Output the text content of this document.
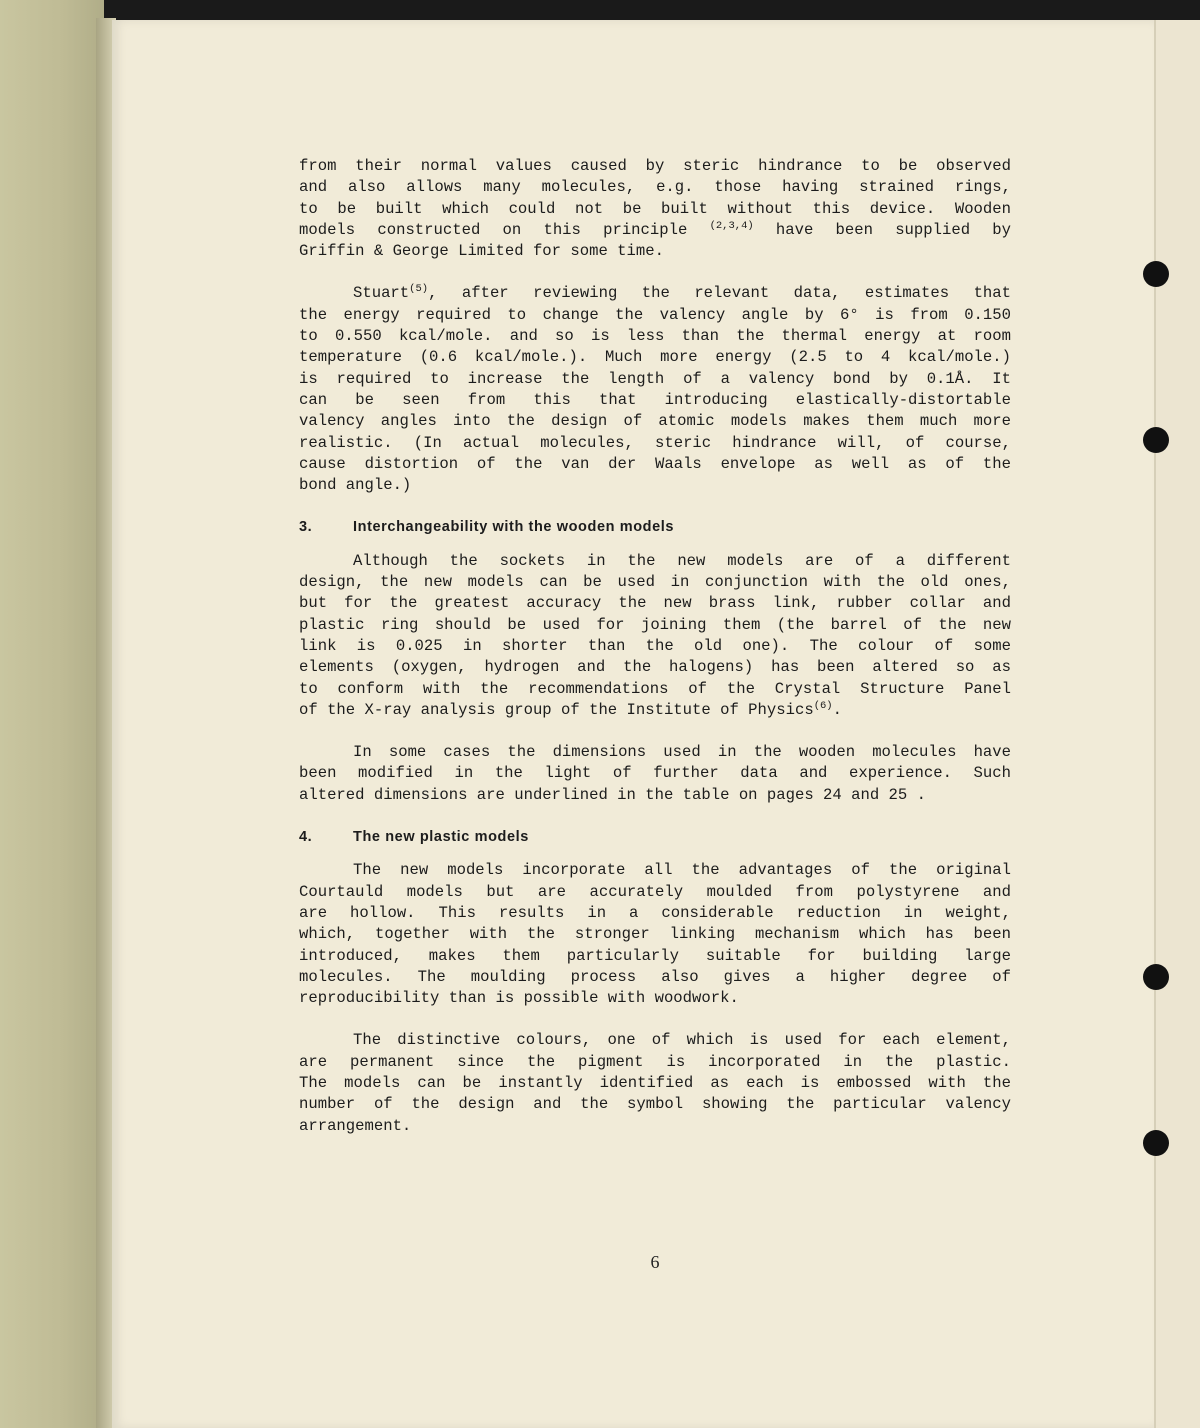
from their normal values caused by steric hindrance to be observed
and also allows many molecules, e.g. those having strained rings,
to be built which could not be built without this device. Wooden
models constructed on this principle $^{(2,3,4)}$ have been supplied by
Griffin & George Limited for some time.
Stuart$^{(5)}$, after reviewing the relevant data, estimates that
the energy required to change the valency angle by 6° is from 0.150
to 0.550 kcal/mole. and so is less than the thermal energy at room
temperature (0.6 kcal/mole.). Much more energy (2.5 to 4 kcal/mole.)
is required to increase the length of a valency bond by 0.1Å. It
can be seen from this that introducing elastically-distortable
valency angles into the design of atomic models makes them much more
realistic. (In actual molecules, steric hindrance will, of course,
cause distortion of the van der Waals envelope as well as of the
bond angle.)
3.	Interchangeability with the wooden models
Although the sockets in the new models are of a different
design, the new models can be used in conjunction with the old ones,
but for the greatest accuracy the new brass link, rubber collar and
plastic ring should be used for joining them (the barrel of the new
link is 0.025 in shorter than the old one). The colour of some
elements (oxygen, hydrogen and the halogens) has been altered so as
to conform with the recommendations of the Crystal Structure Panel
of the X-ray analysis group of the Institute of Physics$^{(6)}$.
In some cases the dimensions used in the wooden molecules have
been modified in the light of further data and experience. Such
altered dimensions are underlined in the table on pages 24 and 25 .
4.	The new plastic models
The new models incorporate all the advantages of the original
Courtauld models but are accurately moulded from polystyrene and
are hollow. This results in a considerable reduction in weight,
which, together with the stronger linking mechanism which has been
introduced, makes them particularly suitable for building large
molecules. The moulding process also gives a higher degree of
reproducibility than is possible with woodwork.
The distinctive colours, one of which is used for each element,
are permanent since the pigment is incorporated in the plastic.
The models can be instantly identified as each is embossed with the
number of the design and the symbol showing the particular valency
arrangement.
6
